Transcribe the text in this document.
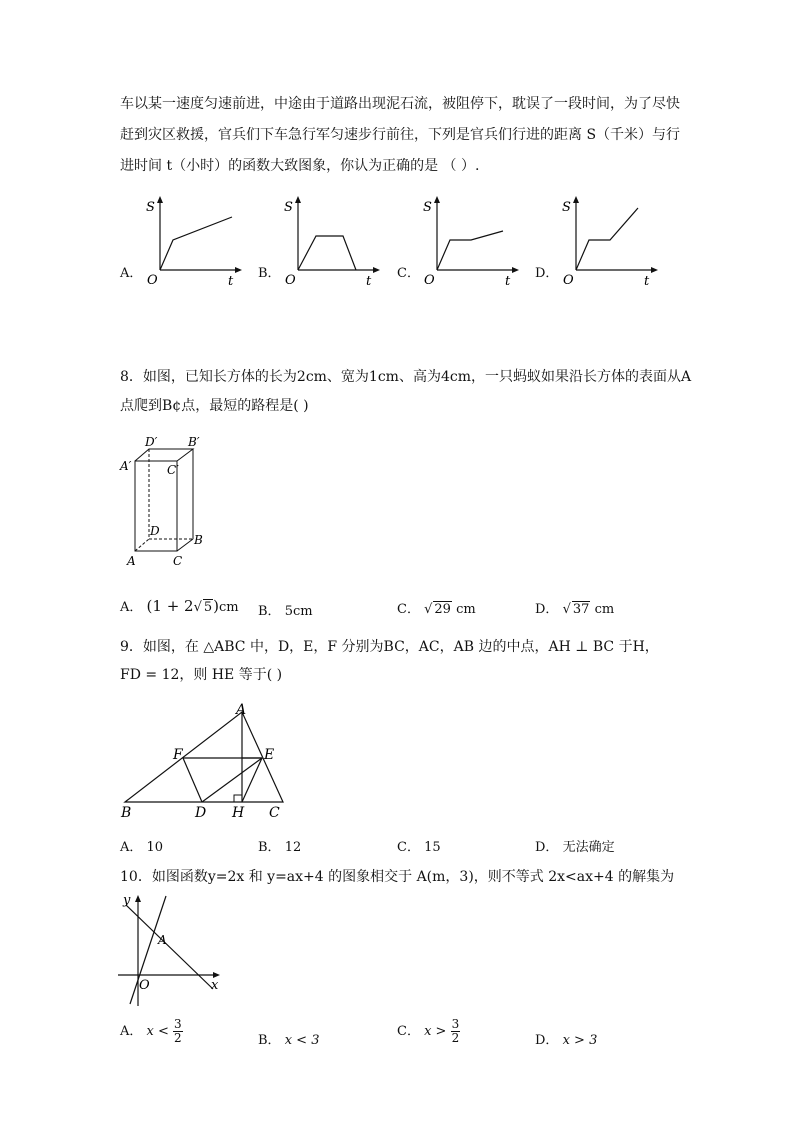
车以某一速度匀速前进，中途由于道路出现泥石流，被阻停下，耽误了一段时间，为了尽快
赶到灾区救援，官兵们下车急行军匀速步行前往，下列是官兵们行进的距离 S（千米）与行
进时间 t（小时）的函数大致图象，你认为正确的是 （ ）.
A．
S
O	t
B．
S
O	t
C．
S
O	t
D．
S
O	t
8．如图，已知长方体的长为2cm、宽为1cm、高为4cm，一只蚂蚁如果沿长方体的表面从A
点爬到B¢点，最短的路程是( )
D′	B′
A′	C′
D
B
A	C
A． (1 + 2√ 5)cm B． 5cm	C． √ 29 cm	D． √ 37 cm
9．如图，在 △ABC 中，D，E，F 分别为BC，AC，AB 边的中点，AH ⊥ BC 于H，
FD = 12，则 HE 等于( )
A
F	E
B	D H C
A． 10	B． 12	C． 15	D． 无法确定
10．如图函数y=2x 和 y=ax+4 的图象相交于 A(m，3)，则不等式 2x<ax+4 的解集为
y
A
O	x
A． $x < \frac{3}{2}$	B． x < 3
C． $x > \frac{3}{2}$	D． x > 3
